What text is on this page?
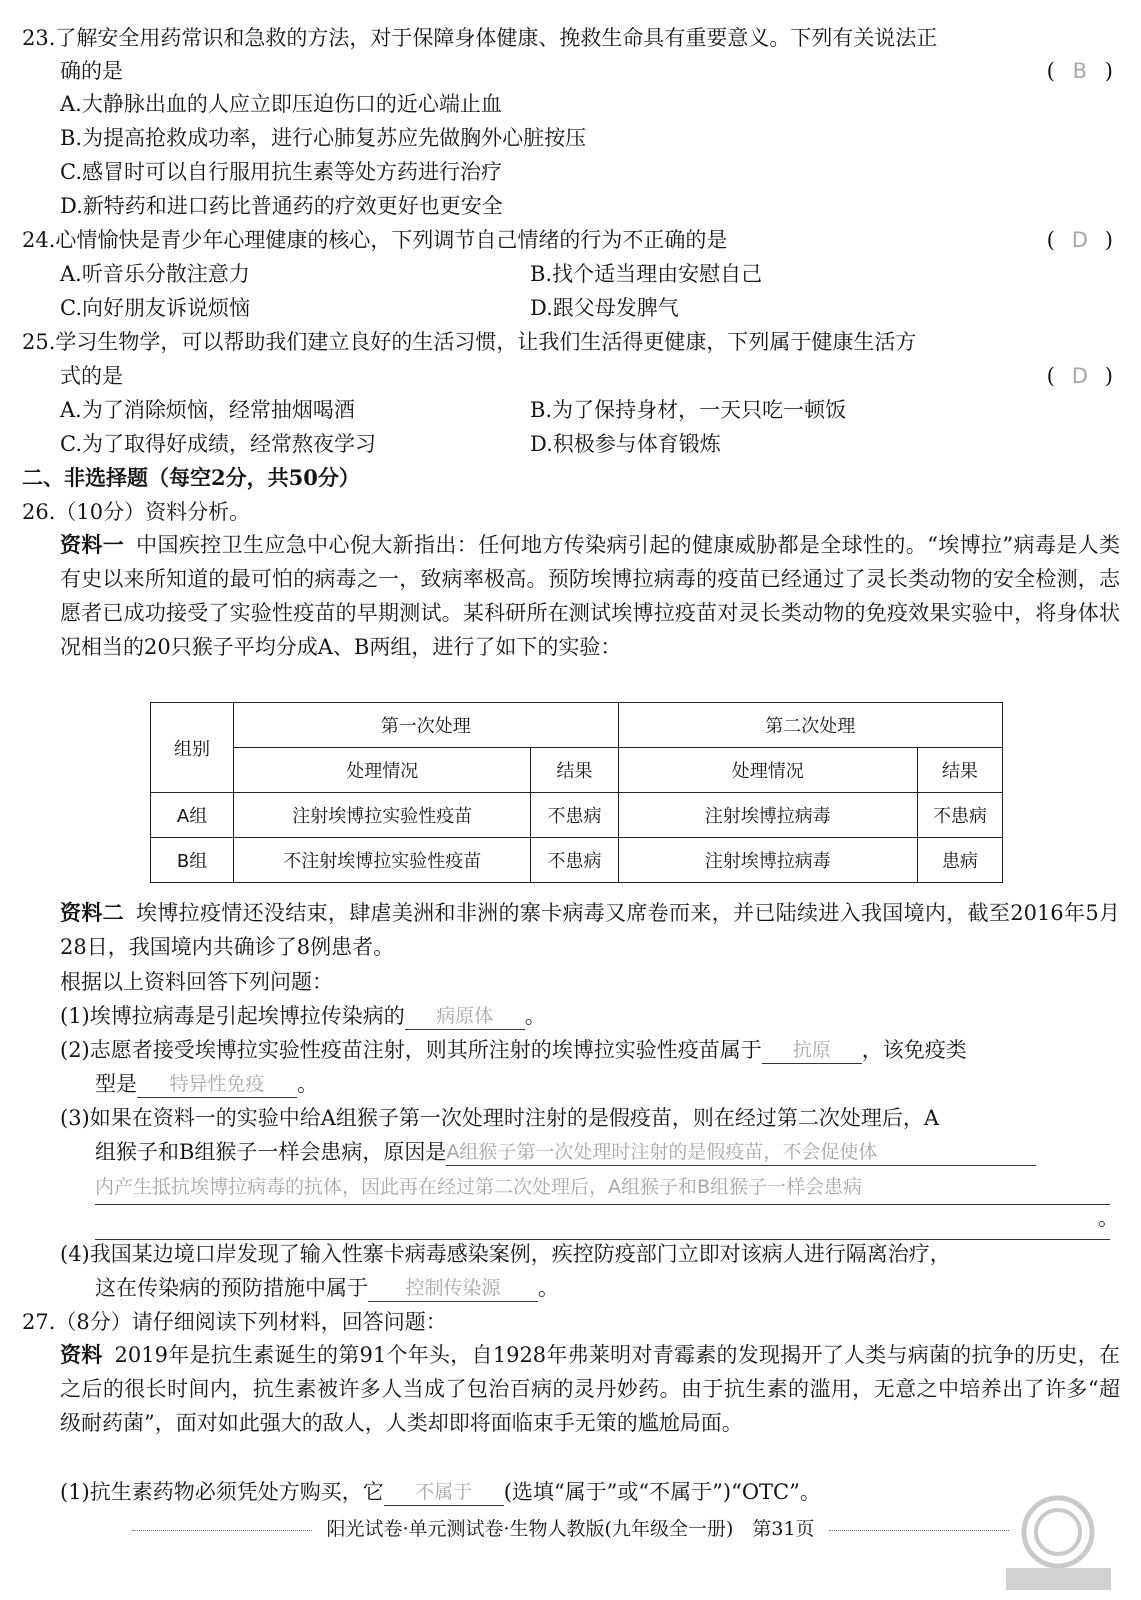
23.了解安全用药常识和急救的方法，对于保障身体健康、挽救生命具有重要意义。下列有关说法正
确的是	( B )
A.大静脉出血的人应立即压迫伤口的近心端止血
B.为提高抢救成功率，进行心肺复苏应先做胸外心脏按压
C.感冒时可以自行服用抗生素等处方药进行治疗
D.新特药和进口药比普通药的疗效更好也更安全
24.心情愉快是青少年心理健康的核心，下列调节自己情绪的行为不正确的是	( D )
A.听音乐分散注意力	B.找个适当理由安慰自己
C.向好朋友诉说烦恼	D.跟父母发脾气
25.学习生物学，可以帮助我们建立良好的生活习惯，让我们生活得更健康，下列属于健康生活方
式的是	( D )
A.为了消除烦恼，经常抽烟喝酒	B.为了保持身材，一天只吃一顿饭
C.为了取得好成绩，经常熬夜学习	D.积极参与体育锻炼
二、非选择题（每空2分，共50分）
26.（10分）资料分析。
资料一 中国疾控卫生应急中心倪大新指出：任何地方传染病引起的健康威胁都是全球性的。“埃博拉”病毒是人类有史以来所知道的最可怕的病毒之一，致病率极高。预防埃博拉病毒的疫苗已经通过了灵长类动物的安全检测，志愿者已成功接受了实验性疫苗的早期测试。某科研所在测试埃博拉疫苗对灵长类动物的免疫效果实验中，将身体状况相当的20只猴子平均分成A、B两组，进行了如下的实验：
组别	第一次处理		第二次处理	
	处理情况	结果	处理情况	结果
A组	注射埃博拉实验性疫苗	不患病	注射埃博拉病毒	不患病
B组	不注射埃博拉实验性疫苗	不患病	注射埃博拉病毒	患病
资料二 埃博拉疫情还没结束，肆虐美洲和非洲的寨卡病毒又席卷而来，并已陆续进入我国境内，截至2016年5月28日，我国境内共确诊了8例患者。
根据以上资料回答下列问题：
(1)埃博拉病毒是引起埃博拉传染病的 病原体 。
(2)志愿者接受埃博拉实验性疫苗注射，则其所注射的埃博拉实验性疫苗属于 抗原 ，该免疫类
型是 特异性免疫 。
(3)如果在资料一的实验中给A组猴子第一次处理时注射的是假疫苗，则在经过第二次处理后，A
组猴子和B组猴子一样会患病，原因是A组猴子第一次处理时注射的是假疫苗，不会促使体
内产生抵抗埃博拉病毒的抗体，因此再在经过第二次处理后，A组猴子和B组猴子一样会患病
。
(4)我国某边境口岸发现了输入性寨卡病毒感染案例，疾控防疫部门立即对该病人进行隔离治疗，
这在传染病的预防措施中属于 控制传染源 。
27.（8分）请仔细阅读下列材料，回答问题：
资料 2019年是抗生素诞生的第91个年头，自1928年弗莱明对青霉素的发现揭开了人类与病菌的抗争的历史，在之后的很长时间内，抗生素被许多人当成了包治百病的灵丹妙药。由于抗生素的滥用，无意之中培养出了许多“超级耐药菌”，面对如此强大的敌人，人类却即将面临束手无策的尴尬局面。
(1)抗生素药物必须凭处方购买，它 不属于 (选填“属于”或“不属于”)“OTC”。
阳光试卷·单元测试卷·生物人教版(九年级全一册)　第31页
